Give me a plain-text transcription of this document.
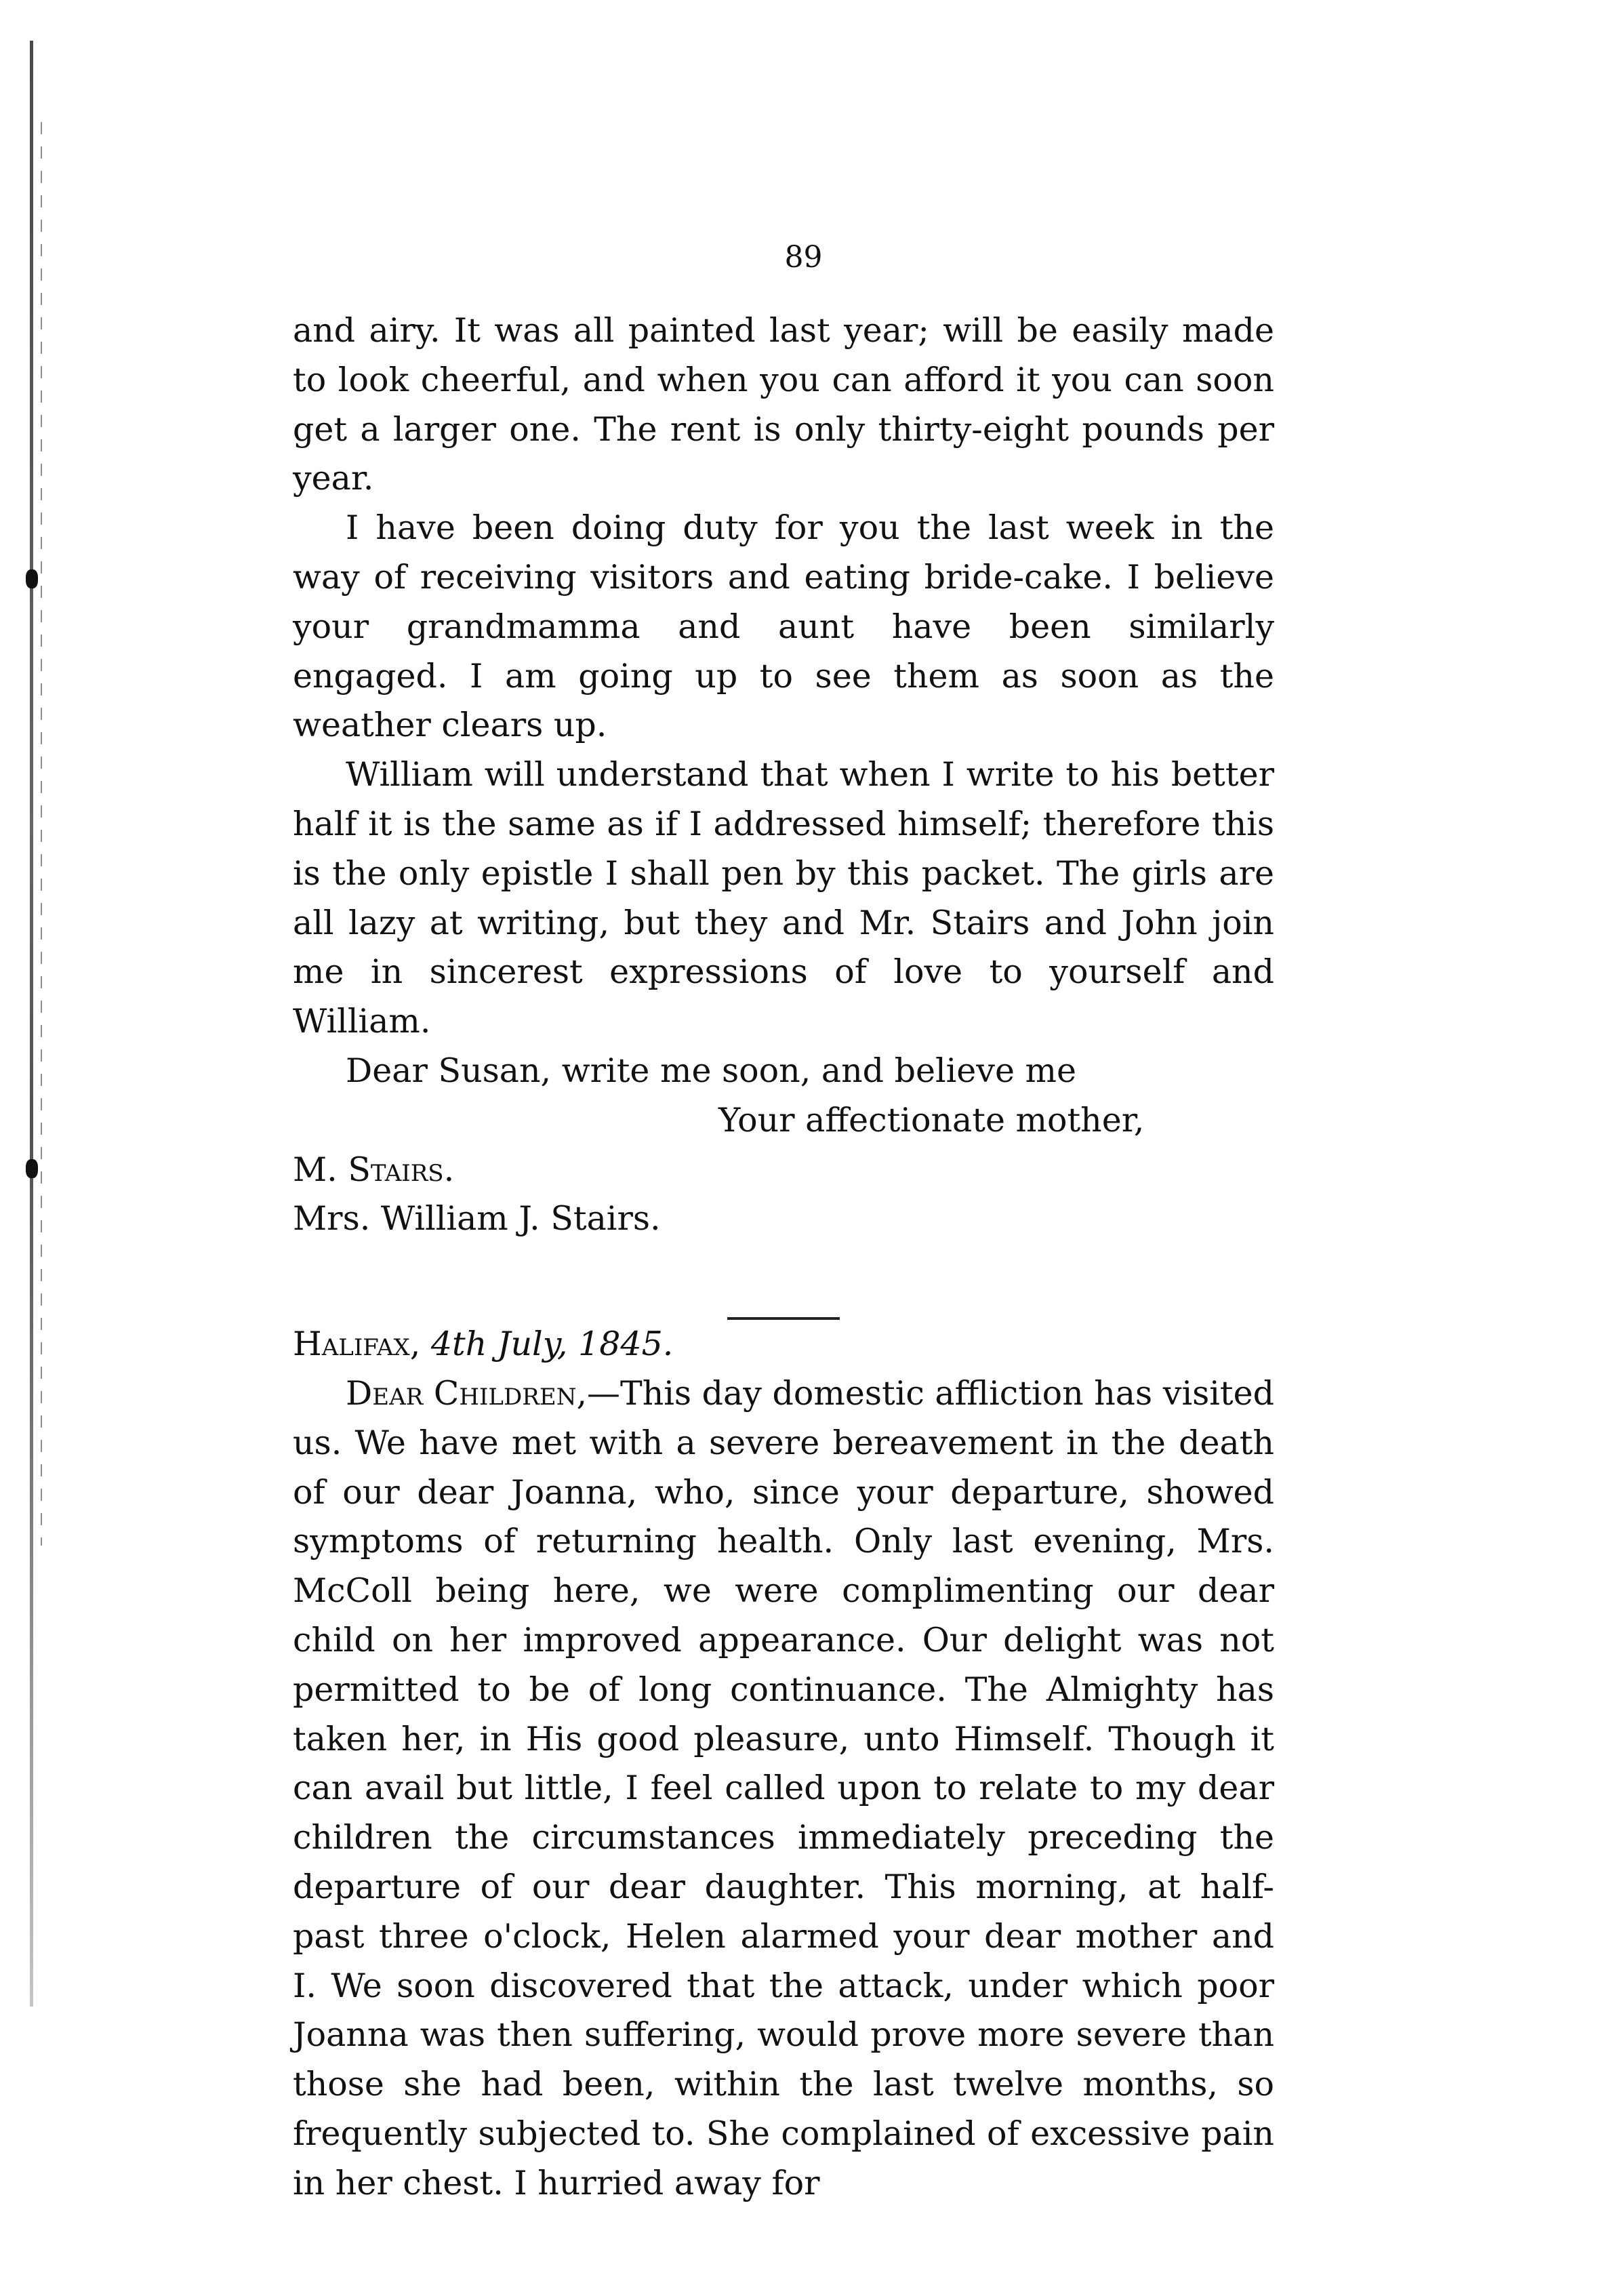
89

and airy. It was all painted last year; will be easily made to look cheerful, and when you can afford it you can soon get a larger one. The rent is only thirty-eight pounds per year.

I have been doing duty for you the last week in the way of receiving visitors and eating bride-cake. I believe your grandmamma and aunt have been similarly engaged. I am going up to see them as soon as the weather clears up.

William will understand that when I write to his better half it is the same as if I addressed himself; therefore this is the only epistle I shall pen by this packet. The girls are all lazy at writing, but they and Mr. Stairs and John join me in sincerest expressions of love to yourself and William.

Dear Susan, write me soon, and believe me

Your affectionate mother,

M. Stairs.

Mrs. William J. Stairs.

Halifax, 4th July, 1845.

Dear Children,—This day domestic affliction has visited us. We have met with a severe bereavement in the death of our dear Joanna, who, since your departure, showed symptoms of returning health. Only last evening, Mrs. McColl being here, we were complimenting our dear child on her improved appearance. Our delight was not permitted to be of long continuance. The Almighty has taken her, in His good pleasure, unto Himself. Though it can avail but little, I feel called upon to relate to my dear children the circumstances immediately preceding the departure of our dear daughter. This morning, at half-past three o'clock, Helen alarmed your dear mother and I. We soon discovered that the attack, under which poor Joanna was then suffering, would prove more severe than those she had been, within the last twelve months, so frequently subjected to. She complained of excessive pain in her chest. I hurried away for
